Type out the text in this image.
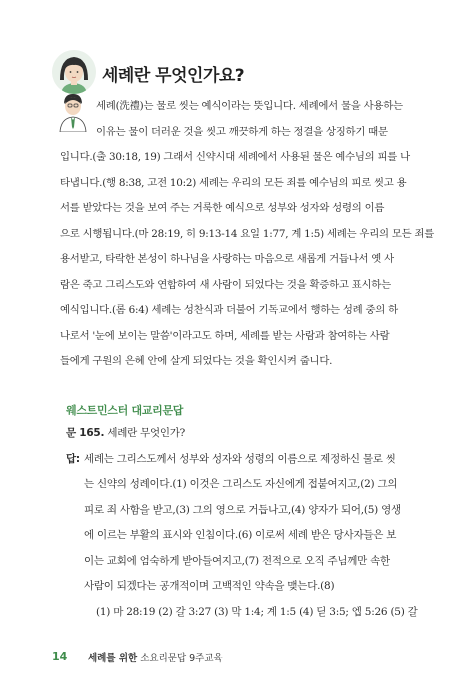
세례란 무엇인가요?
세례(洗禮)는 물로 씻는 예식이라는 뜻입니다. 세례에서 물을 사용하는
이유는 물이 더러운 것을 씻고 깨끗하게 하는 정결을 상징하기 때문
입니다.(출 30:18, 19) 그래서 신약시대 세례에서 사용된 물은 예수님의 피를 나
타냅니다.(행 8:38, 고전 10:2) 세례는 우리의 모든 죄를 예수님의 피로 씻고 용
서를 받았다는 것을 보여 주는 거룩한 예식으로 성부와 성자와 성령의 이름
으로 시행됩니다.(마 28:19, 히 9:13-14 요일 1:77, 계 1:5) 세례는 우리의 모든 죄를
용서받고, 타락한 본성이 하나님을 사랑하는 마음으로 새롭게 거듭나서 옛 사
람은 죽고 그리스도와 연합하여 새 사람이 되었다는 것을 확증하고 표시하는
예식입니다.(롬 6:4) 세례는 성찬식과 더불어 기독교에서 행하는 성례 중의 하
나로서 '눈에 보이는 말씀'이라고도 하며, 세례를 받는 사람과 참여하는 사람
들에게 구원의 은혜 안에 살게 되었다는 것을 확인시켜 줍니다.
웨스트민스터 대교리문답
문 165. 세례란 무엇인가?
답: 세례는 그리스도께서 성부와 성자와 성령의 이름으로 제정하신 물로 씻
는 신약의 성례이다.(1) 이것은 그리스도 자신에게 접붙여지고,(2) 그의
피로 죄 사함을 받고,(3) 그의 영으로 거듭나고,(4) 양자가 되어,(5) 영생
에 이르는 부활의 표시와 인침이다.(6) 이로써 세례 받은 당사자들은 보
이는 교회에 엄숙하게 받아들여지고,(7) 전적으로 오직 주님께만 속한
사람이 되겠다는 공개적이며 고백적인 약속을 맺는다.(8)
(1) 마 28:19 (2) 갈 3:27 (3) 막 1:4; 계 1:5 (4) 딛 3:5; 엡 5:26 (5) 갈
14 세례를 위한 소요리문답 9주교육
